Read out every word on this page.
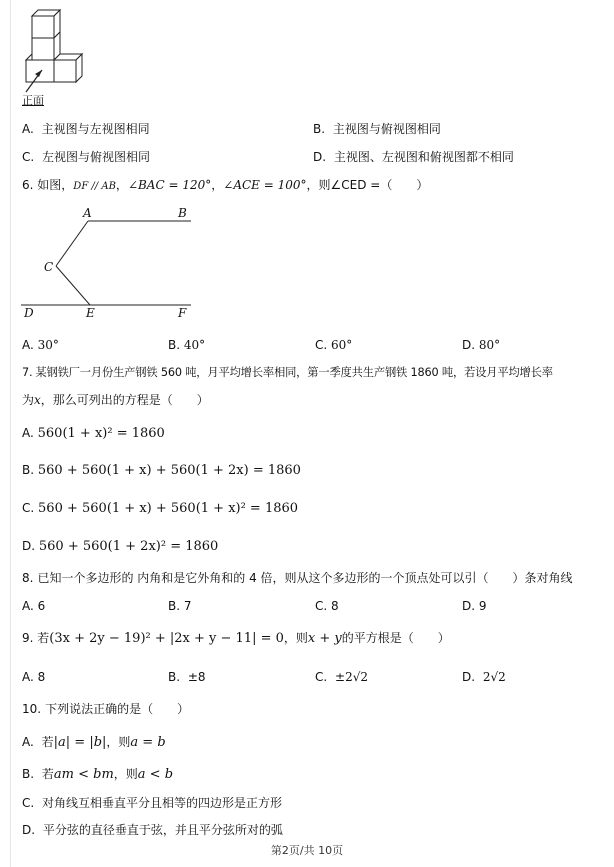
正面
A. 主视图与左视图相同	B. 主视图与俯视图相同
C. 左视图与俯视图相同	D. 主视图、左视图和俯视图都不相同
6. 如图，DF // AB，∠BAC = 120°，∠ACE = 100°，则∠CED =（　　）
A	B
C
D	E	F
A. 30°	B. 40°	C. 60°	D. 80°
7. 某钢铁厂一月份生产钢铁 560 吨，月平均增长率相同，第一季度共生产钢铁 1860 吨，若设月平均增长率
为x，那么可列出的方程是（　　）
A. 560(1 + x)² = 1860
B. 560 + 560(1 + x) + 560(1 + 2x) = 1860
C. 560 + 560(1 + x) + 560(1 + x)² = 1860
D. 560 + 560(1 + 2x)² = 1860
8. 已知一个多边形的 内角和是它外角和的 4 倍，则从这个多边形的一个顶点处可以引（　　）条对角线
A. 6	B. 7	C. 8	D. 9
9. 若(3x + 2y − 19)² + |2x + y − 11| = 0，则x + y的平方根是（　　）
A. 8	B. ±8	C. ±2√2	D. 2√2
10. 下列说法正确的是（　　）
A. 若|a| = |b|，则a = b
B. 若am < bm，则a < b
C. 对角线互相垂直平分且相等的四边形是正方形
D. 平分弦的直径垂直于弦，并且平分弦所对的弧
第2页/共 10页
